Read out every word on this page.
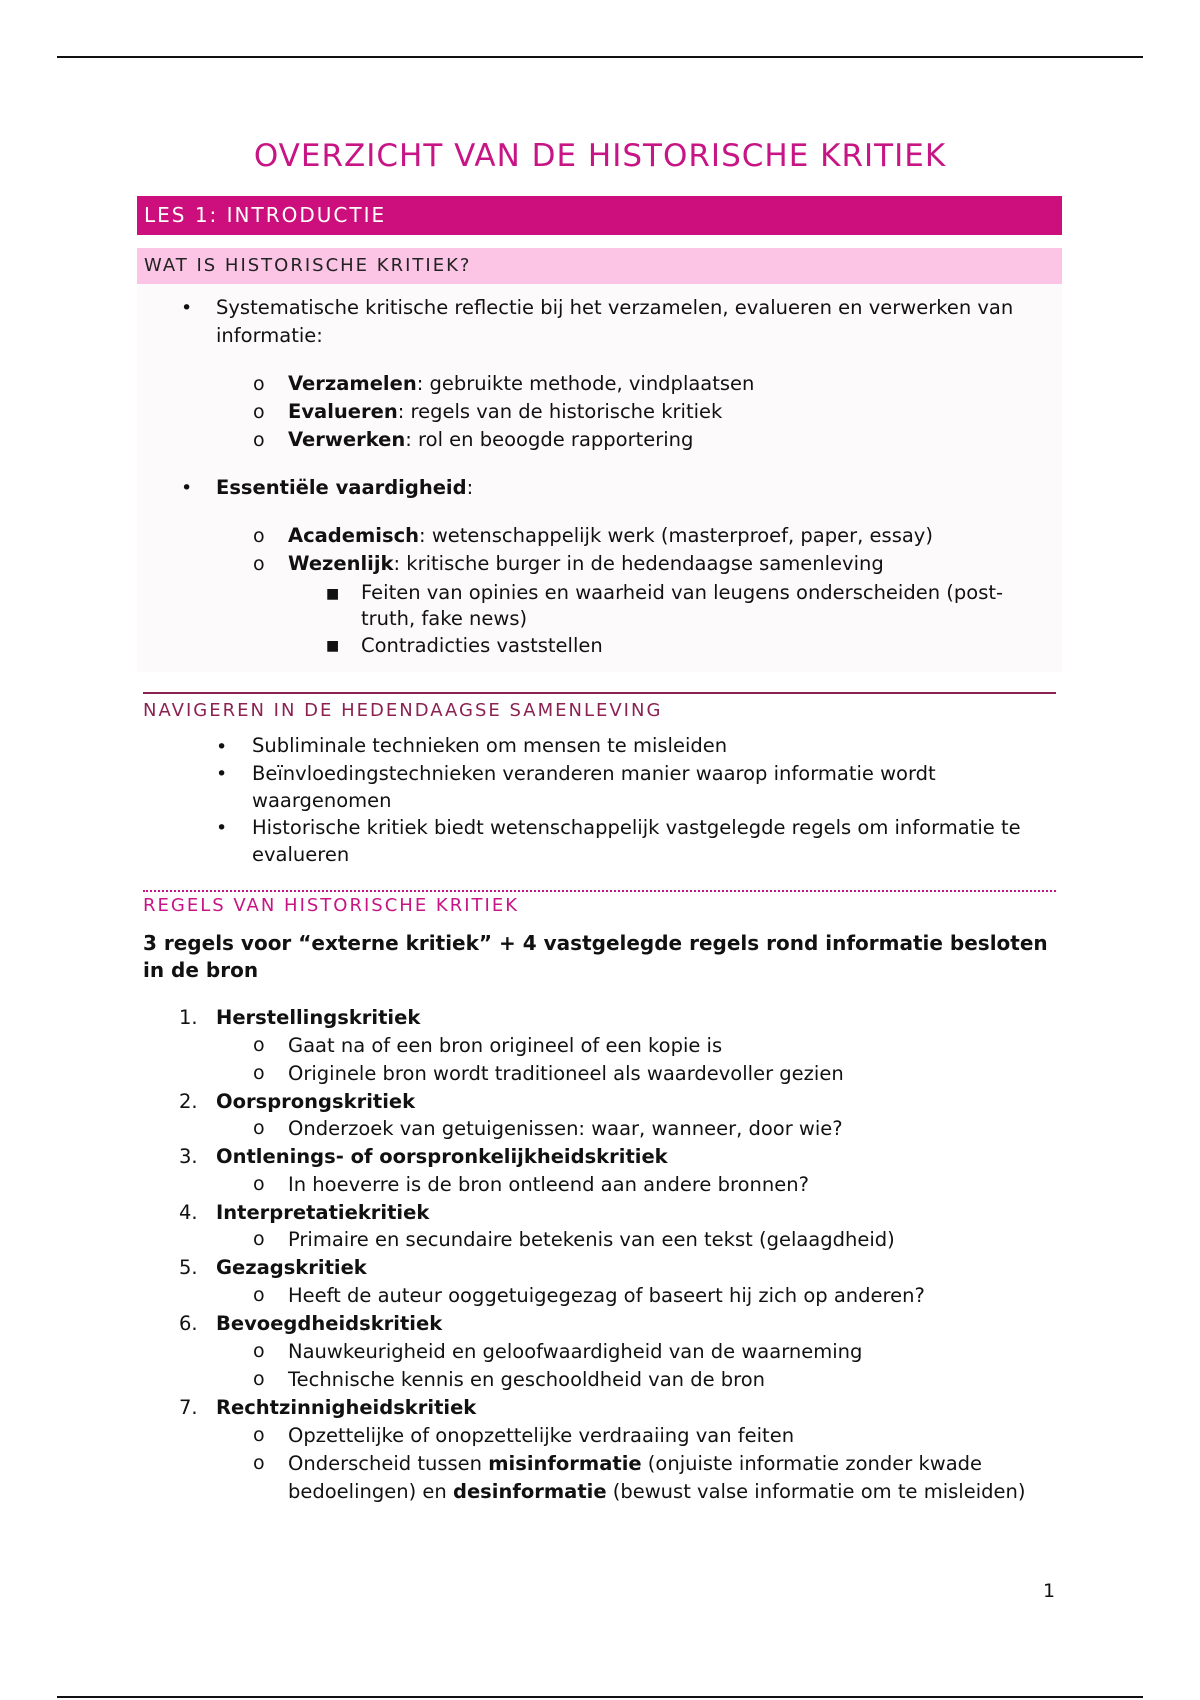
OVERZICHT VAN DE HISTORISCHE KRITIEK
LES 1: INTRODUCTIE
WAT IS HISTORISCHE KRITIEK?
• Systematische kritische reflectie bij het verzamelen, evalueren en verwerken van informatie:
o Verzamelen: gebruikte methode, vindplaatsen
o Evalueren: regels van de historische kritiek
o Verwerken: rol en beoogde rapportering
• Essentiële vaardigheid:
o Academisch: wetenschappelijk werk (masterproef, paper, essay)
o Wezenlijk: kritische burger in de hedendaagse samenleving
■ Feiten van opinies en waarheid van leugens onderscheiden (post-truth, fake news)
■ Contradicties vaststellen
NAVIGEREN IN DE HEDENDAAGSE SAMENLEVING
• Subliminale technieken om mensen te misleiden
• Beïnvloedingstechnieken veranderen manier waarop informatie wordt waargenomen
• Historische kritiek biedt wetenschappelijk vastgelegde regels om informatie te evalueren
REGELS VAN HISTORISCHE KRITIEK
3 regels voor “externe kritiek” + 4 vastgelegde regels rond informatie besloten in de bron
1. Herstellingskritiek
o Gaat na of een bron origineel of een kopie is
o Originele bron wordt traditioneel als waardevoller gezien
2. Oorsprongskritiek
o Onderzoek van getuigenissen: waar, wanneer, door wie?
3. Ontlenings- of oorspronkelijkheidskritiek
o In hoeverre is de bron ontleend aan andere bronnen?
4. Interpretatiekritiek
o Primaire en secundaire betekenis van een tekst (gelaagdheid)
5. Gezagskritiek
o Heeft de auteur ooggetuigegezag of baseert hij zich op anderen?
6. Bevoegdheidskritiek
o Nauwkeurigheid en geloofwaardigheid van de waarneming
o Technische kennis en geschooldheid van de bron
7. Rechtzinnigheidskritiek
o Opzettelijke of onopzettelijke verdraaiing van feiten
o Onderscheid tussen misinformatie (onjuiste informatie zonder kwade bedoelingen) en desinformatie (bewust valse informatie om te misleiden)
1
